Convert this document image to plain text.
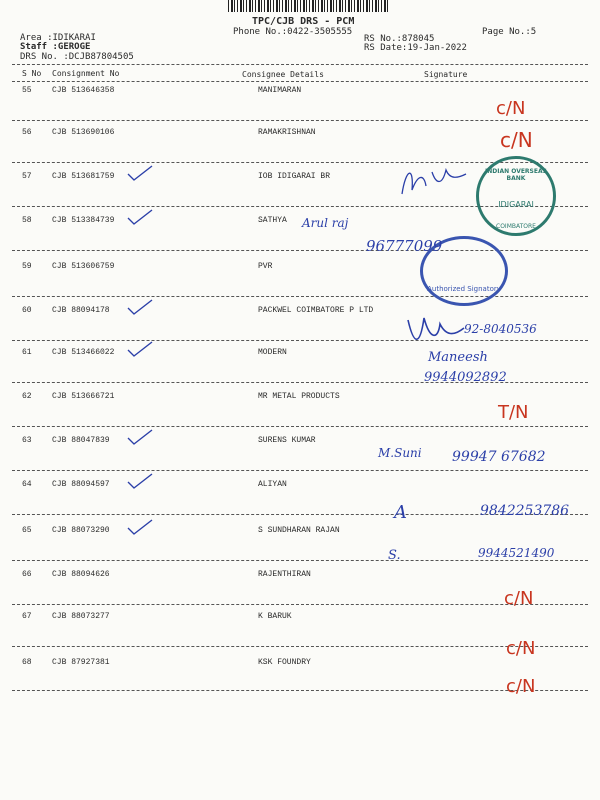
TPC/CJB DRS - PCM
Phone No.:0422-3505555	Page No.:5
Area :IDIKARAI
Staff :GEROGE
DRS No. :DCJB87804505
RS No.:878045
RS Date:19-Jan-2022
S No Consignment No	Consignee Details	Signature
55	CJB 513646358	MANIMARAN
56	CJB 513690106	RAMAKRISHNAN
57	CJB 513681759	IOB IDIGARAI BR
58	CJB 513384739	SATHYA
59	CJB 513606759	PVR
60	CJB 88094178	PACKWEL COIMBATORE P LTD
61	CJB 513466022	MODERN
62	CJB 513666721	MR METAL PRODUCTS
63	CJB 88047839	SURENS KUMAR
64	CJB 88094597	ALIYAN
65	CJB 88073290	S SUNDHARAN RAJAN
66	CJB 88094626	RAJENTHIRAN
67	CJB 88073277	K BARUK
68	CJB 87927381	KSK FOUNDRY
INDIAN OVERSEAS BANK
IDIGARAI
COIMBATORE
Authorized Signatory
c/N
c/N
Arul raj
96777099
92-8040536
Maneesh
9944092892
T/N
M.Suni 99947 67682
A	9842253786
S.	9944521490
c/N
c/N
c/N
